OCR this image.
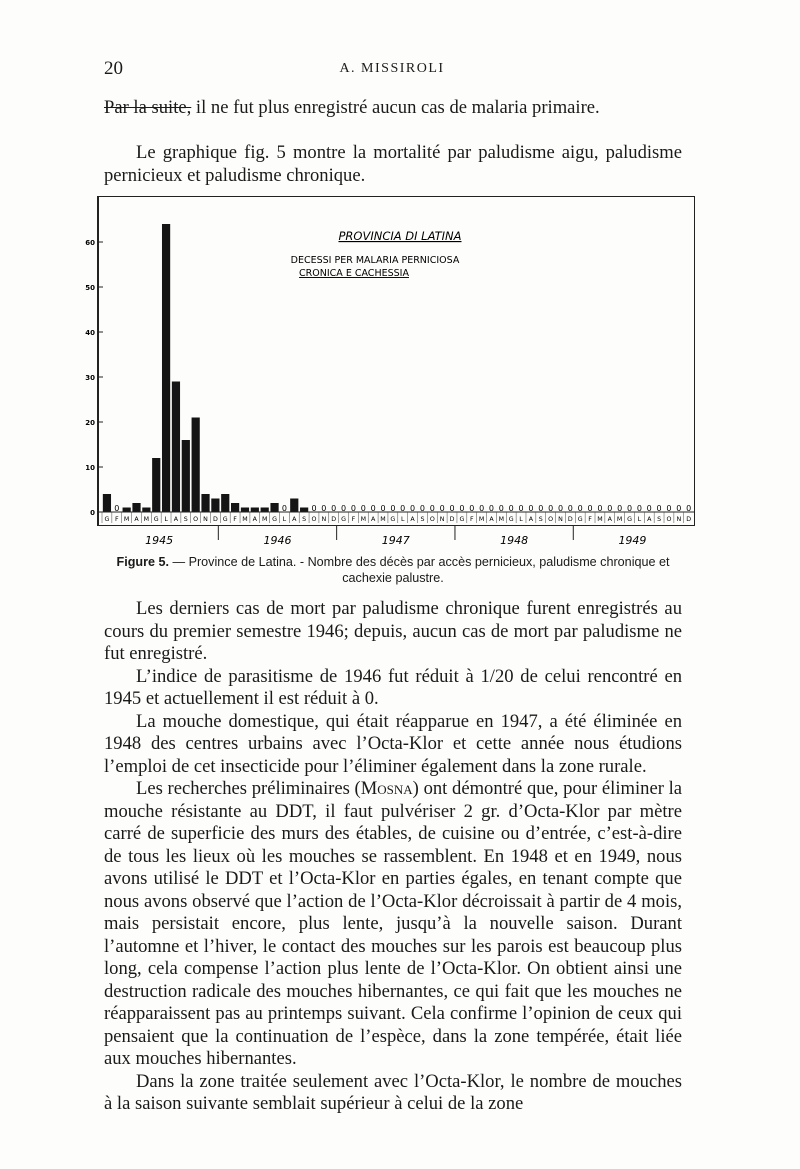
20	A. MISSIROLI

Par la suite, il ne fut plus enregistré aucun cas de malaria primaire.

Le graphique fig. 5 montre la mortalité par paludisme aigu, paludisme pernicieux et paludisme chronique.

0
10
20
30
40
50
60
0	0	0 0 0 0 0 0 0 0 0 0 0 0 0 0 0 0 0 0 0 0 0 0 0 0 0 0 0 0 0 0 0 0 0 0 0 0 0 0 0
G F M A M G L A S O N D G F M A M G L A S O N D G F M A M G L A S O N D G F M A M G L A S O N D G F M A M G L A S O N D
PROVINCIA DI LATINA
DECESSI PER MALARIA PERNICIOSA
CRONICA E CACHESSIA
1945	1946	1947	1948	1949
Figure 5. — Province de Latina. - Nombre des décès par accès pernicieux, paludisme chronique et cachexie palustre.

Les derniers cas de mort par paludisme chronique furent enregistrés au cours du premier semestre 1946; depuis, aucun cas de mort par paludisme ne fut enregistré.

L’indice de parasitisme de 1946 fut réduit à 1/20 de celui rencontré en 1945 et actuellement il est réduit à 0.

La mouche domestique, qui était réapparue en 1947, a été éliminée en 1948 des centres urbains avec l’Octa-Klor et cette année nous étudions l’emploi de cet insecticide pour l’éliminer également dans la zone rurale.

Les recherches préliminaires (Mosna) ont démontré que, pour éliminer la mouche résistante au DDT, il faut pulvériser 2 gr. d’Octa-Klor par mètre carré de superficie des murs des étables, de cuisine ou d’entrée, c’est-à-dire de tous les lieux où les mouches se rassemblent. En 1948 et en 1949, nous avons utilisé le DDT et l’Octa-Klor en parties égales, en tenant compte que nous avons observé que l’action de l’Octa-Klor décroissait à partir de 4 mois, mais persistait encore, plus lente, jusqu’à la nouvelle saison. Durant l’automne et l’hiver, le contact des mouches sur les parois est beaucoup plus long, cela compense l’action plus lente de l’Octa-Klor. On obtient ainsi une destruction radicale des mouches hibernantes, ce qui fait que les mouches ne réapparaissent pas au printemps suivant. Cela confirme l’opinion de ceux qui pensaient que la continuation de l’espèce, dans la zone tempérée, était liée aux mouches hibernantes.

Dans la zone traitée seulement avec l’Octa-Klor, le nombre de mouches à la saison suivante semblait supérieur à celui de la zone
